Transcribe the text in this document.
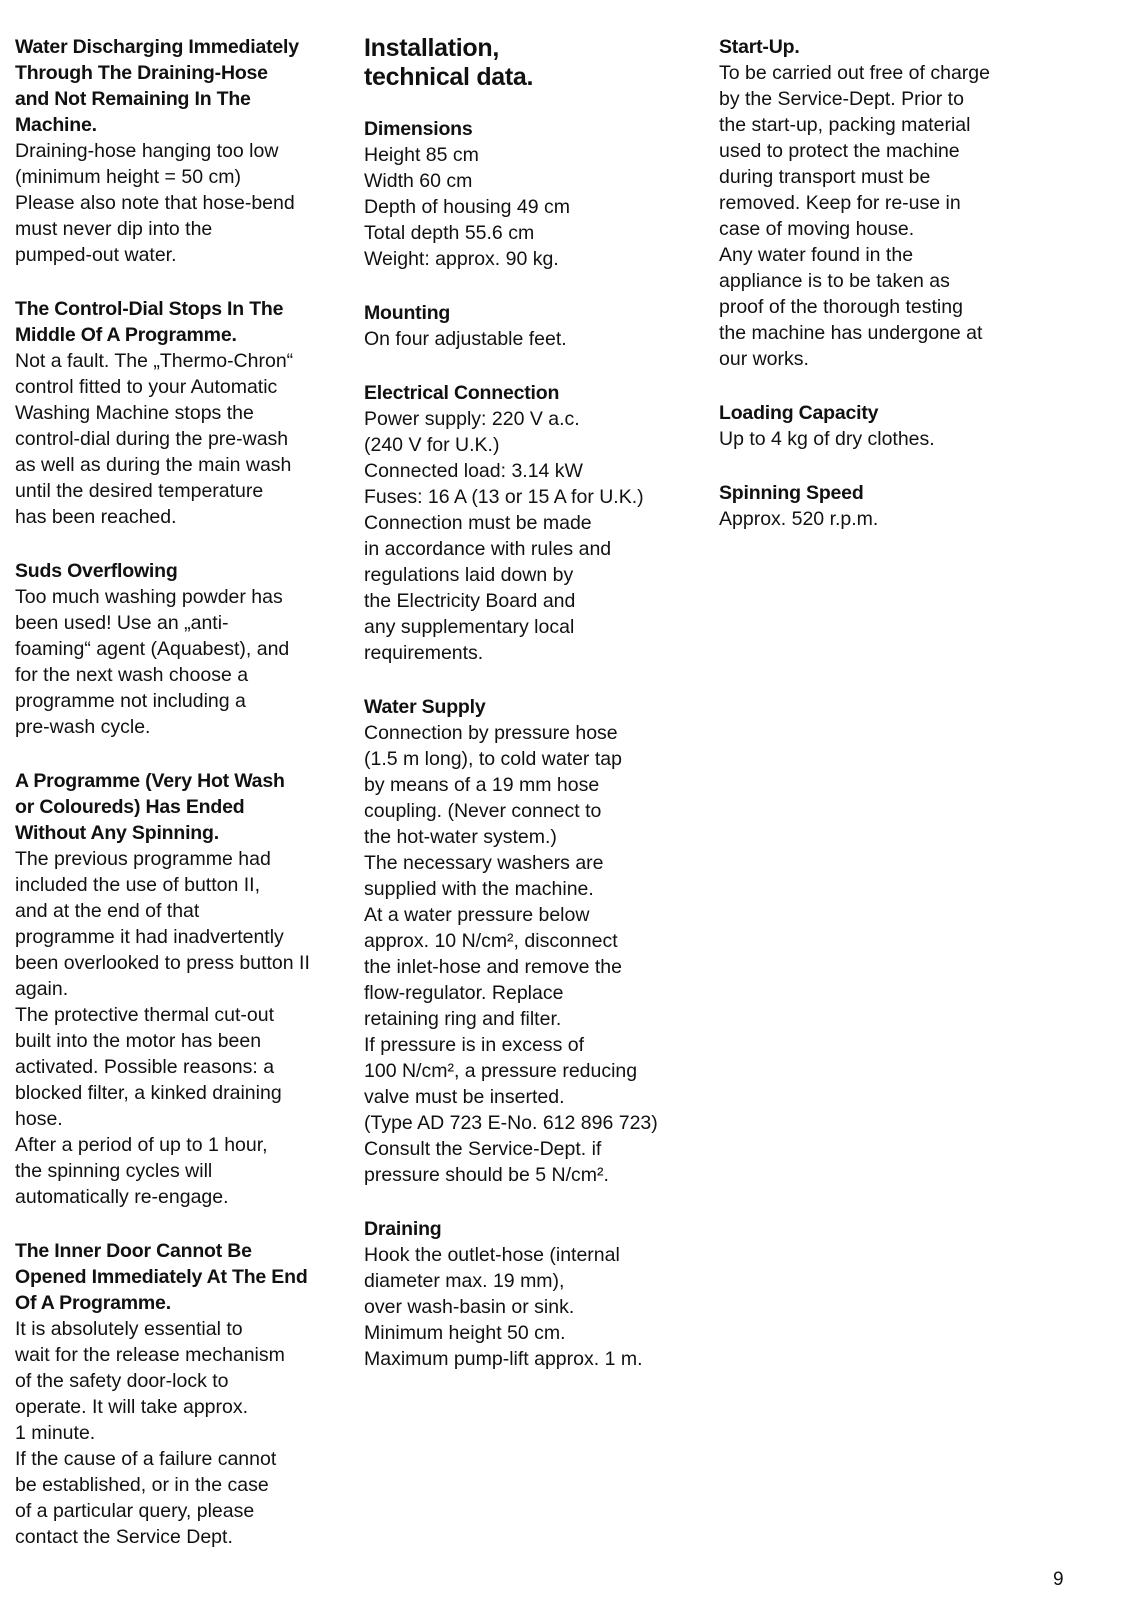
Water Discharging Immediately
Through The Draining-Hose
and Not Remaining In The
Machine.
Draining-hose hanging too low
(minimum height = 50 cm)
Please also note that hose-bend
must never dip into the
pumped-out water.
The Control-Dial Stops In The
Middle Of A Programme.
Not a fault. The „Thermo-Chron“
control fitted to your Automatic
Washing Machine stops the
control-dial during the pre-wash
as well as during the main wash
until the desired temperature
has been reached.
Suds Overflowing
Too much washing powder has
been used! Use an „anti-
foaming“ agent (Aquabest), and
for the next wash choose a
programme not including a
pre-wash cycle.
A Programme (Very Hot Wash
or Coloureds) Has Ended
Without Any Spinning.
The previous programme had
included the use of button II,
and at the end of that
programme it had inadvertently
been overlooked to press button II
again.
The protective thermal cut-out
built into the motor has been
activated. Possible reasons: a
blocked filter, a kinked draining
hose.
After a period of up to 1 hour,
the spinning cycles will
automatically re-engage.
The Inner Door Cannot Be
Opened Immediately At The End
Of A Programme.
It is absolutely essential to
wait for the release mechanism
of the safety door-lock to
operate. It will take approx.
1 minute.
If the cause of a failure cannot
be established, or in the case
of a particular query, please
contact the Service Dept.
Installation,
technical data.
Dimensions
Height 85 cm
Width 60 cm
Depth of housing 49 cm
Total depth 55.6 cm
Weight: approx. 90 kg.
Mounting
On four adjustable feet.
Electrical Connection
Power supply: 220 V a.c.
(240 V for U.K.)
Connected load: 3.14 kW
Fuses: 16 A (13 or 15 A for U.K.)
Connection must be made
in accordance with rules and
regulations laid down by
the Electricity Board and
any supplementary local
requirements.
Water Supply
Connection by pressure hose
(1.5 m long), to cold water tap
by means of a 19 mm hose
coupling. (Never connect to
the hot-water system.)
The necessary washers are
supplied with the machine.
At a water pressure below
approx. 10 N/cm², disconnect
the inlet-hose and remove the
flow-regulator. Replace
retaining ring and filter.
If pressure is in excess of
100 N/cm², a pressure reducing
valve must be inserted.
(Type AD 723 E-No. 612 896 723)
Consult the Service-Dept. if
pressure should be 5 N/cm².
Draining
Hook the outlet-hose (internal
diameter max. 19 mm),
over wash-basin or sink.
Minimum height 50 cm.
Maximum pump-lift approx. 1 m.
Start-Up.
To be carried out free of charge
by the Service-Dept. Prior to
the start-up, packing material
used to protect the machine
during transport must be
removed. Keep for re-use in
case of moving house.
Any water found in the
appliance is to be taken as
proof of the thorough testing
the machine has undergone at
our works.
Loading Capacity
Up to 4 kg of dry clothes.
Spinning Speed
Approx. 520 r.p.m.
9
